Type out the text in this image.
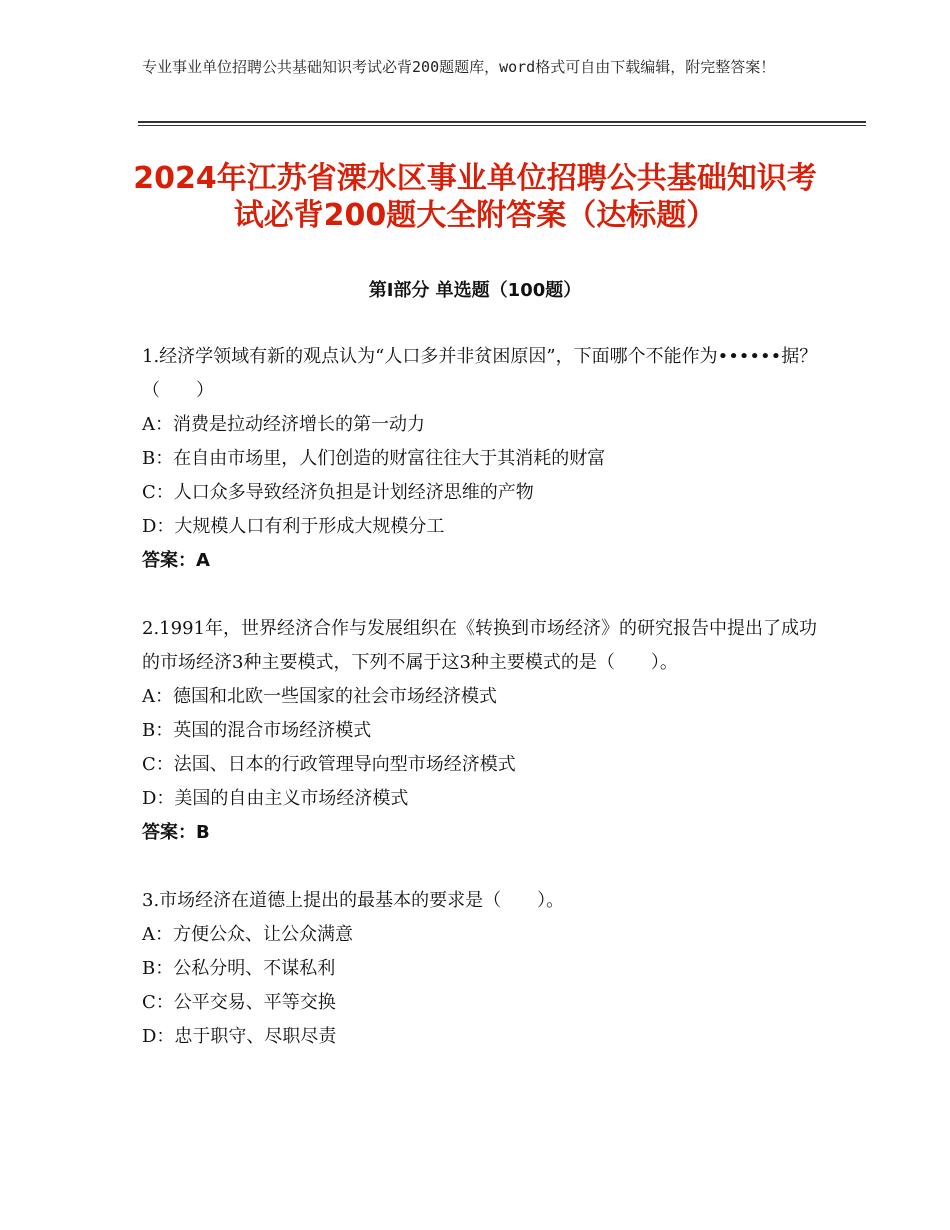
专业事业单位招聘公共基础知识考试必背200题题库，word格式可自由下载编辑，附完整答案！
2024年江苏省溧水区事业单位招聘公共基础知识考试必背200题大全附答案（达标题）
第Ⅰ部分 单选题（100题）

1.经济学领域有新的观点认为“人口多并非贫困原因”，下面哪个不能作为••••••据？（　　）

A：消费是拉动经济增长的第一动力

B：在自由市场里，人们创造的财富往往大于其消耗的财富

C：人口众多导致经济负担是计划经济思维的产物

D：大规模人口有利于形成大规模分工

答案：A

2.1991年，世界经济合作与发展组织在《转换到市场经济》的研究报告中提出了成功的市场经济3种主要模式，下列不属于这3种主要模式的是（　　）。

A：德国和北欧一些国家的社会市场经济模式

B：英国的混合市场经济模式

C：法国、日本的行政管理导向型市场经济模式

D：美国的自由主义市场经济模式

答案：B

3.市场经济在道德上提出的最基本的要求是（　　）。

A：方便公众、让公众满意

B：公私分明、不谋私利

C：公平交易、平等交换

D：忠于职守、尽职尽责
